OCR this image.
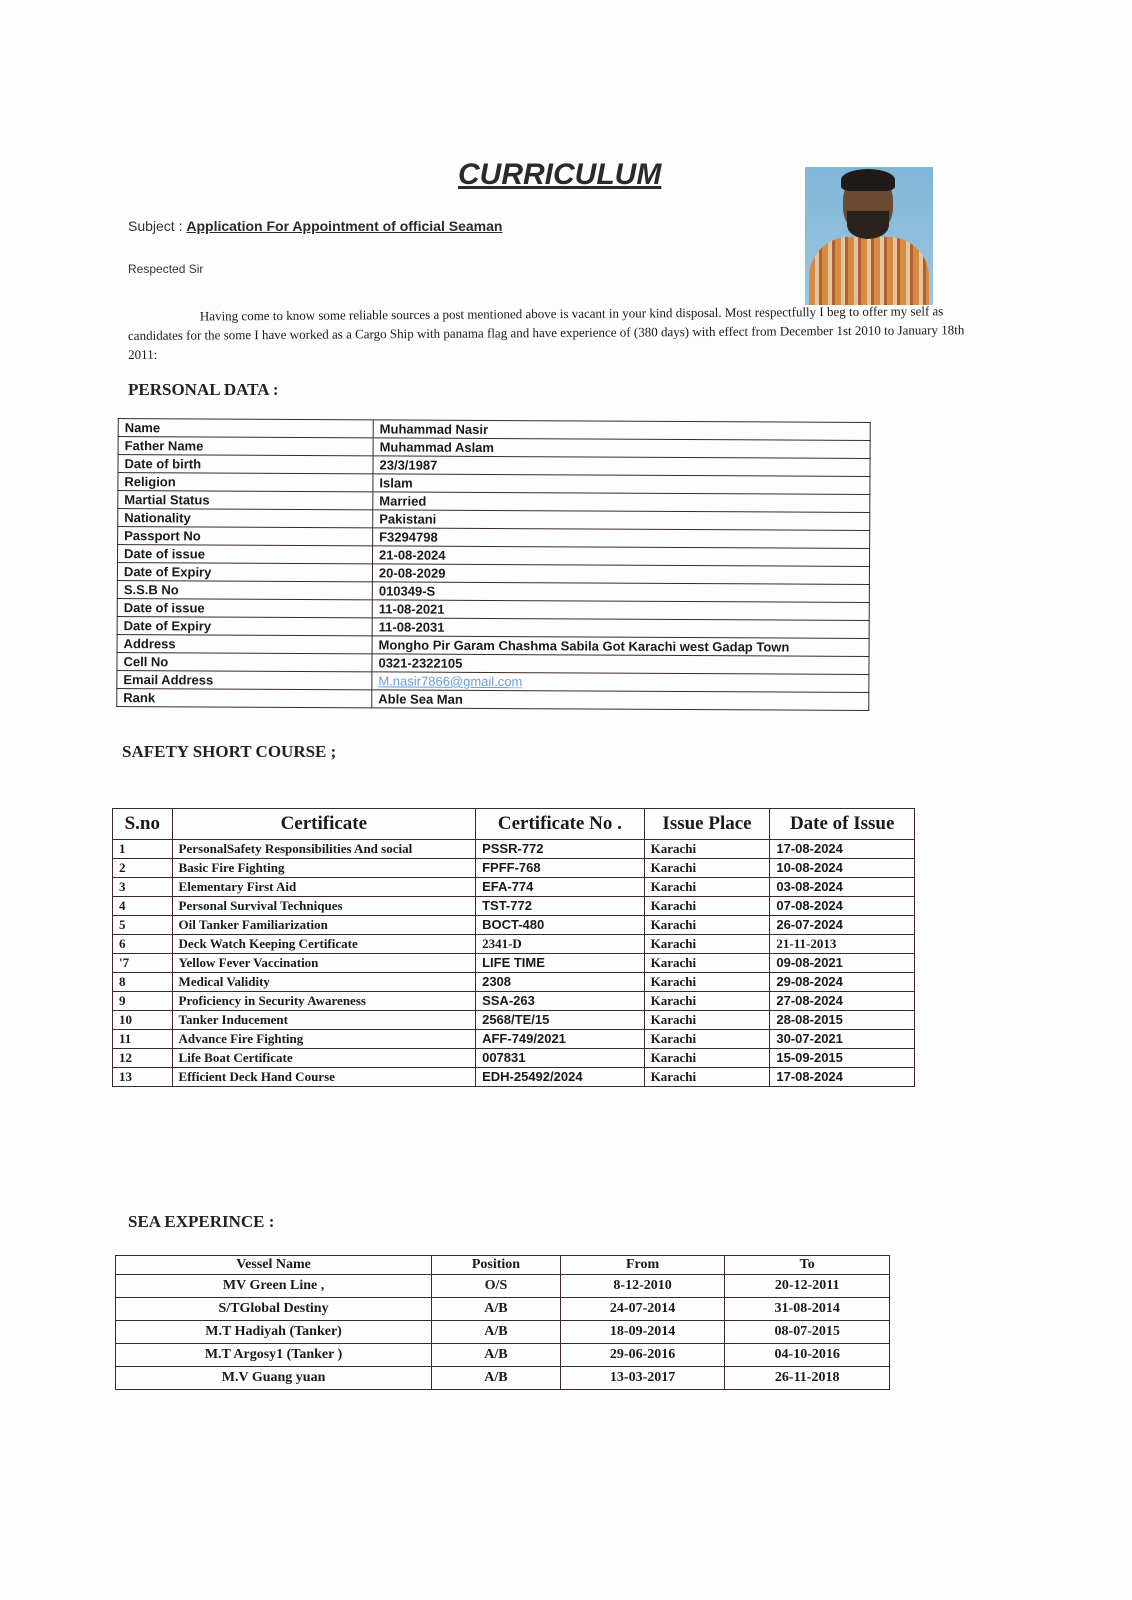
CURRICULUM
Subject : Application For Appointment of official Seaman
Respected Sir
Having come to know some reliable sources a post mentioned above is vacant in your kind disposal. Most respectfully I beg to offer my self as candidates for the some I have worked as a Cargo Ship with panama flag and have experience of (380 days) with effect from December 1st 2010 to January 18th 2011:
PERSONAL DATA :
Name	Muhammad Nasir
Father Name	Muhammad Aslam
Date of birth	23/3/1987
Religion	Islam
Martial Status	Married
Nationality	Pakistani
Passport No	F3294798
Date of issue	21-08-2024
Date of Expiry	20-08-2029
S.S.B No	010349-S
Date of issue	11-08-2021
Date of Expiry	11-08-2031
Address	Mongho Pir Garam Chashma Sabila Got Karachi west Gadap Town
Cell No	0321-2322105
Email Address	M.nasir7866@gmail.com
Rank	Able Sea Man
SAFETY SHORT COURSE ;
S.no	Certificate	Certificate No .	Issue Place	Date of Issue
1	PersonalSafety Responsibilities And social	PSSR-772	Karachi	17-08-2024
2	Basic Fire Fighting	FPFF-768	Karachi	10-08-2024
3	Elementary First Aid	EFA-774	Karachi	03-08-2024
4	Personal Survival Techniques	TST-772	Karachi	07-08-2024
5	Oil Tanker Familiarization	BOCT-480	Karachi	26-07-2024
6	Deck Watch Keeping Certificate	2341-D	Karachi	21-11-2013
'7	Yellow Fever Vaccination	LIFE TIME	Karachi	09-08-2021
8	Medical Validity	2308	Karachi	29-08-2024
9	Proficiency in Security Awareness	SSA-263	Karachi	27-08-2024
10	Tanker Inducement	2568/TE/15	Karachi	28-08-2015
11	Advance Fire Fighting	AFF-749/2021	Karachi	30-07-2021
12	Life Boat Certificate	007831	Karachi	15-09-2015
13	Efficient Deck Hand Course	EDH-25492/2024	Karachi	17-08-2024
SEA EXPERINCE :
Vessel Name	Position	From	To
MV Green Line ,	O/S	8-12-2010	20-12-2011
S/TGlobal Destiny	A/B	24-07-2014	31-08-2014
M.T Hadiyah (Tanker)	A/B	18-09-2014	08-07-2015
M.T Argosy1 (Tanker )	A/B	29-06-2016	04-10-2016
M.V Guang yuan	A/B	13-03-2017	26-11-2018
